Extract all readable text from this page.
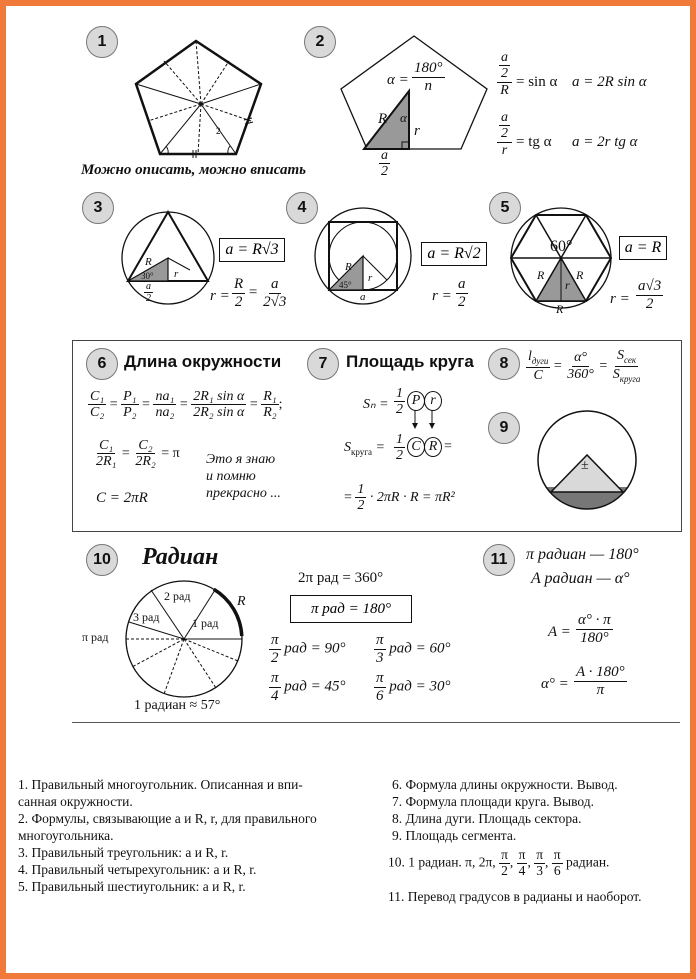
1	2
3	4	5
6	7	8
9
10	11
2
Можно описать, можно вписать
$\alpha = \frac{180^\circ}{n}$
R α
r
$\frac{a}{2}$
$\frac{\frac{a}{2}}{R} = \sin \alpha$ a = 2R sin α
$\frac{\frac{a}{2}}{r}$ = tg α a = 2r tg α
R
r
30°
$\frac{a}{2}$
a = R√3
$r = \frac{R}{2} = \frac{a}{2√3}$
R
r
45°
a
a = R√2
$r = \frac{a}{2}$
60°
R	R
r
R
a = R
$r = \frac{a√3}{2}$
Длина окружности
$\frac{\text{C₁}}{\text{C₂}} = \frac{\text{P₁}}{\text{P₂}} = \frac{\text{na₁}}{\text{na₂}} = \frac{\text{2R₁ sin α}}{\text{2R₂ sin α}} = \frac{\text{R₁}}{\text{R₂}}$ ;
$\frac{\text{C₁}}{\text{2R₁}} = \frac{\text{C₂}}{\text{2R₂}} = \pi$
C = 2πR
Это я знаю
и помню
прекрасно ...
Площадь круга
$S_n = \frac{1}{2}$ P r
$S_{круга} = \frac{1}{2}$ C R =
= $\frac{1}{2} \cdot 2\pi R \cdot R = \pi R^2$
$\frac{l_{дуги}}{C} = \frac{\alpha^\circ}{360^\circ} = \frac{S_{сек}}{S_{круга}}$
±
Радиан
2 рад
3 рад	1 рад
R
π рад
1 радиан ≈ 57°
2π рад = 360°
π рад = 180°
$\frac{\pi}{2}$ рад = $90^\circ \frac{\pi}{3}$ рад = 60°
$\frac{\pi}{4}$ рад = $45^\circ \frac{\pi}{6}$ рад = 30°
π радиан — 180°
A радиан — α°
$A = \frac{\alpha^\circ \cdot \pi}{180^\circ}$
$\alpha^\circ = \frac{A \cdot 180^\circ}{\pi}$
1. Правильный многоугольник. Описанная и впи-
санная окружности.
2. Формулы, связывающие a и R, r, для правильного
многоугольника.
3. Правильный треугольник: a и R, r.
4. Правильный четырехугольник: a и R, r.
5. Правильный шестиугольник: a и R, r.
6. Формула длины окружности. Вывод.
7. Формула площади круга. Вывод.
8. Длина дуги. Площадь сектора.
9. Площадь сегмента.
10. 1 радиан. π, 2π, $\frac{\pi}{2}$ , $\frac{\pi}{4}$ , $\frac{\pi}{3}$ , $\frac{\pi}{6}$ радиан.
11. Перевод градусов в радианы и наоборот.
